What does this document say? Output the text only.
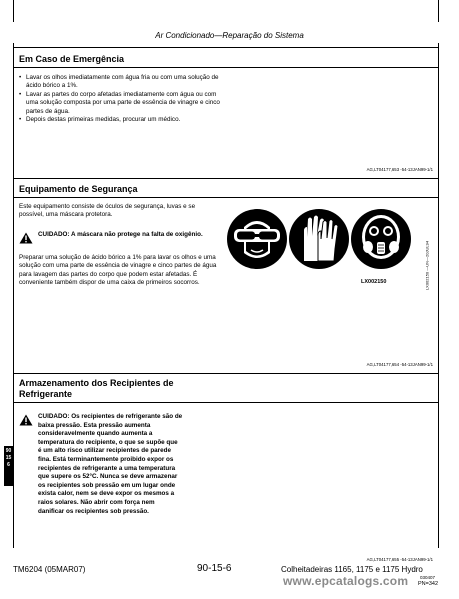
Ar Condicionado—Reparação do Sistema
Em Caso de Emergência
• Lavar os olhos imediatamente com água fria ou com uma solução de ácido bórico a 1%.
• Lavar as partes do corpo afetadas imediatamente com água ou com uma solução composta por uma parte de essência de vinagre e cinco partes de água.
• Depois destas primeiras medidas, procurar um médico.
AG,LT04177,653 -54-13JAN99-1/1
Equipamento de Segurança
Este equipamento consiste de óculos de segurança, luvas e se possível, uma máscara protetora.
CUIDADO: A máscara não protege na falta de oxigênio.
Preparar uma solução de ácido bórico a 1% para lavar os olhos e uma solução com uma parte de essência de vinagre e cinco partes de água para lavagem das partes do corpo que podem estar afetadas. É conveniente também dispor de uma caixa de primeiros socorros.	LX002150	LX002150 —UN—20JUL94
AG,LT04177,654 -54-13JAN99-1/1
Armazenamento dos Recipientes de
Refrigerante
CUIDADO: Os recipientes de refrigerante são de
baixa pressão. Esta pressão aumenta
consideravelmente quando aumenta a
temperatura do recipiente, o que se supõe que
é um alto risco utilizar recipientes de parede
fina. Está terminantemente proibido expor os
recipientes de refrigerante a uma temperatura
que supere os 52°C. Nunca se deve armazenar
os recipientes sob pressão em um lugar onde
exista calor, nem se deve expor os mesmos a
raios solares. Não abrir com força nem
danificar os recipientes sob pressão.
AG,LT04177,655 -54-13JAN99-1/1
90
15
6
TM6204 (05MAR07)	90-15-6	Colheitadeiras 1165, 1175 e 1175 Hydro
030407
PN=342
www.epcatalogs.com
